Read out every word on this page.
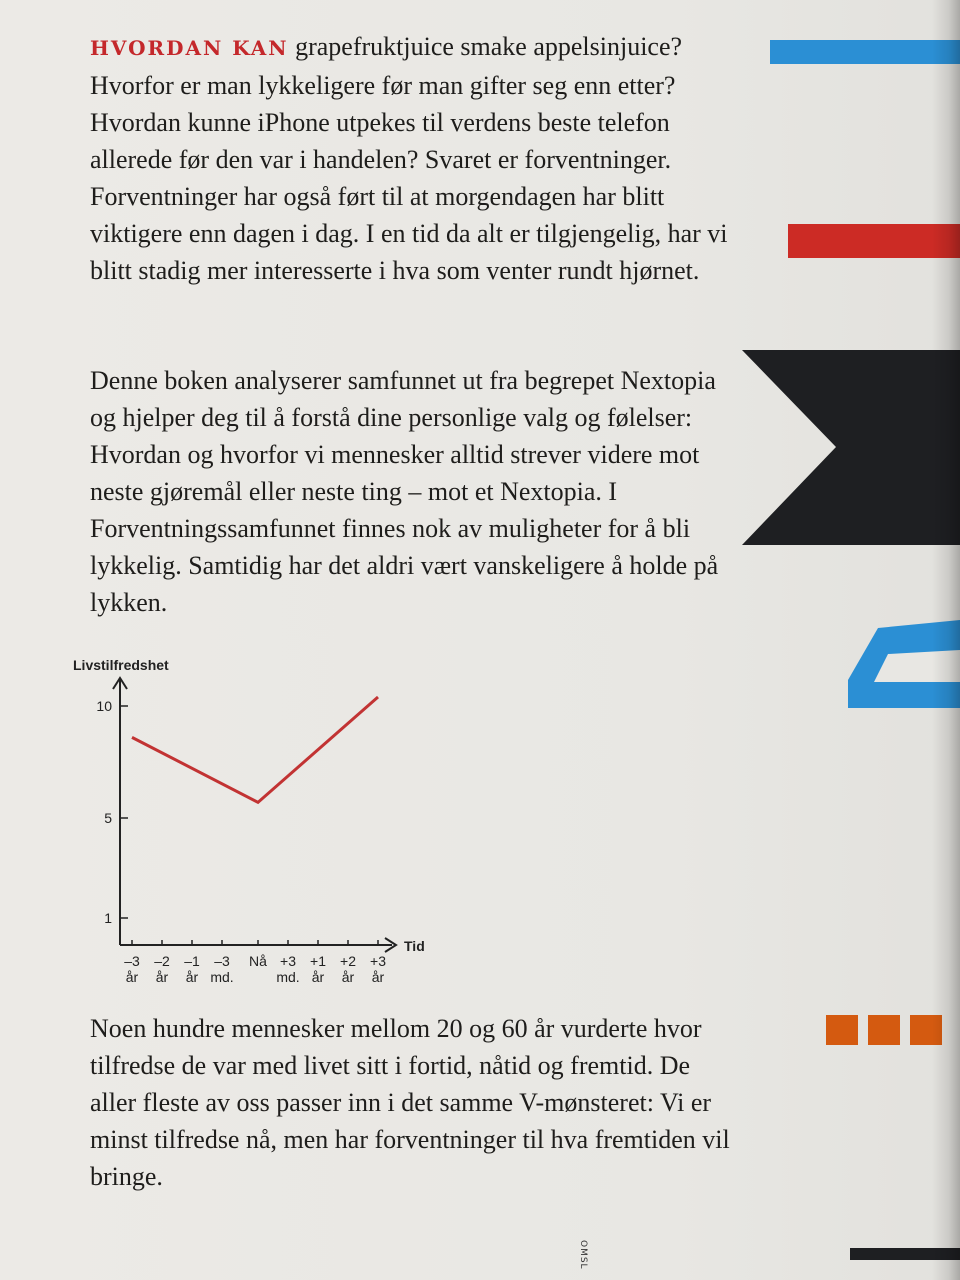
HVORDAN KAN grapefruktjuice smake appelsinjuice? Hvorfor er man lykkeligere før man gifter seg enn etter? Hvordan kunne iPhone utpekes til verdens beste telefon allerede før den var i handelen? Svaret er forventninger. Forventninger har også ført til at morgendagen har blitt viktigere enn dagen i dag. I en tid da alt er tilgjengelig, har vi blitt stadig mer interesserte i hva som venter rundt hjørnet.

Denne boken analyserer samfunnet ut fra begrepet Nextopia og hjelper deg til å forstå dine personlige valg og følelser: Hvordan og hvorfor vi mennesker alltid strever videre mot neste gjøremål eller neste ting – mot et Nextopia. I Forventningssamfunnet finnes nok av muligheter for å bli lykkelig. Samtidig har det aldri vært vanskeligere å holde på lykken.

Livstilfredshet
Tid
10
5
1
–3
år
–2
år
–1
år
–3
md.
Nå +3
md.
+1
år
+2
år
+3
år

Noen hundre mennesker mellom 20 og 60 år vurderte hvor tilfredse de var med livet sitt i fortid, nåtid og fremtid. De aller fleste av oss passer inn i det samme V-mønsteret: Vi er minst tilfredse nå, men har forventninger til hva fremtiden vil bringe.

OMSL
